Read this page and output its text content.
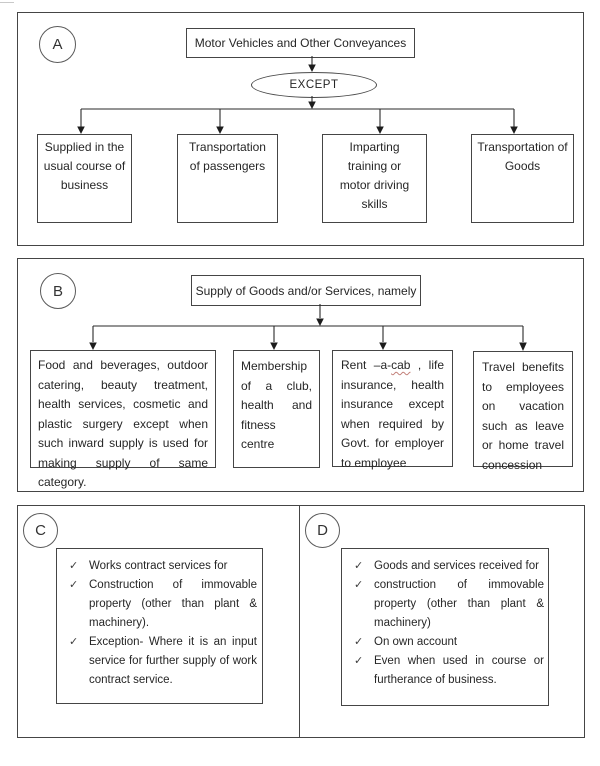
A	Motor Vehicles and Other Conveyances
EXCEPT
Supplied in the usual course of business
Transportation of passengers
Imparting training or motor driving skills
Transportation of Goods
B	Supply of Goods and/or Services, namely
Food and beverages, outdoor catering, beauty treatment, health services, cosmetic and plastic surgery except when such inward supply is used for making supply of same category.
Membership of a club, health and fitness centre
Rent –a-cab , life insurance, health insurance except when required by Govt. for employer to employee
Travel benefits to employees on vacation such as leave or home travel concession
C
✓ Works contract services for
✓ Construction of immovable property (other than plant & machinery).
✓ Exception- Where it is an input service for further supply of work contract service.
D
✓ Goods and services received for
✓ construction of immovable property (other than plant & machinery)
✓ On own account
✓ Even when used in course or furtherance of business.
